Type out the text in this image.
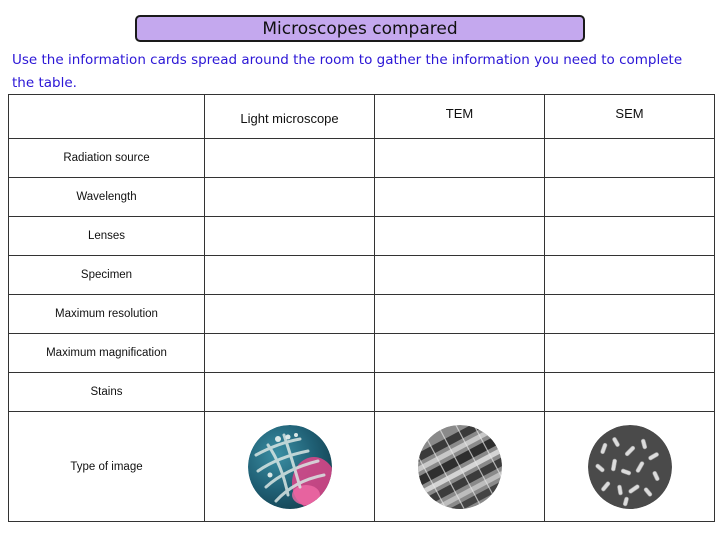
Microscopes compared
Use the information cards spread around the room to gather the information you need to complete the table.
	Light microscope	TEM	SEM
Radiation source			
Wavelength			
Lenses			
Specimen			
Maximum resolution			
Maximum magnification			
Stains			
Type of image	
